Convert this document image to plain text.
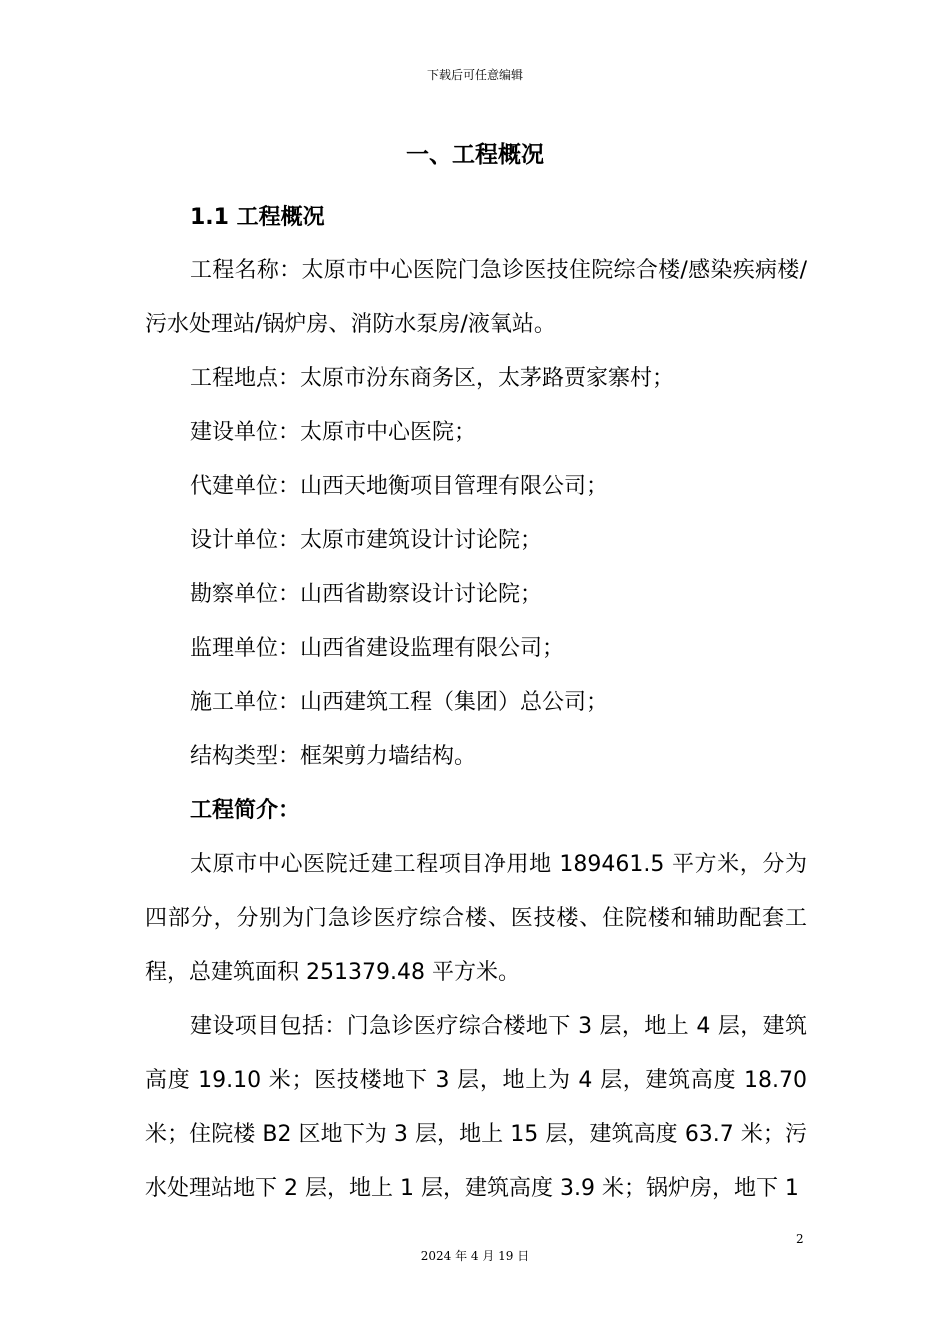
下载后可任意编辑
一、工程概况
1.1 工程概况

工程名称：太原市中心医院门急诊医技住院综合楼/感染疾病楼/污水处理站/锅炉房、消防水泵房/液氧站。

工程地点：太原市汾东商务区，太茅路贾家寨村；

建设单位：太原市中心医院；

代建单位：山西天地衡项目管理有限公司；

设计单位：太原市建筑设计讨论院；

勘察单位：山西省勘察设计讨论院；

监理单位：山西省建设监理有限公司；

施工单位：山西建筑工程（集团）总公司；

结构类型：框架剪力墙结构。

工程简介：

太原市中心医院迁建工程项目净用地 189461.5 平方米，分为四部分，分别为门急诊医疗综合楼、医技楼、住院楼和辅助配套工程，总建筑面积 251379.48 平方米。

建设项目包括：门急诊医疗综合楼地下 3 层，地上 4 层，建筑高度 19.10 米；医技楼地下 3 层，地上为 4 层，建筑高度 18.70 米；住院楼 B2 区地下为 3 层，地上 15 层，建筑高度 63.7 米；污水处理站地下 2 层，地上 1 层，建筑高度 3.9 米；锅炉房，地下 1

2
2024 年 4 月 19 日
